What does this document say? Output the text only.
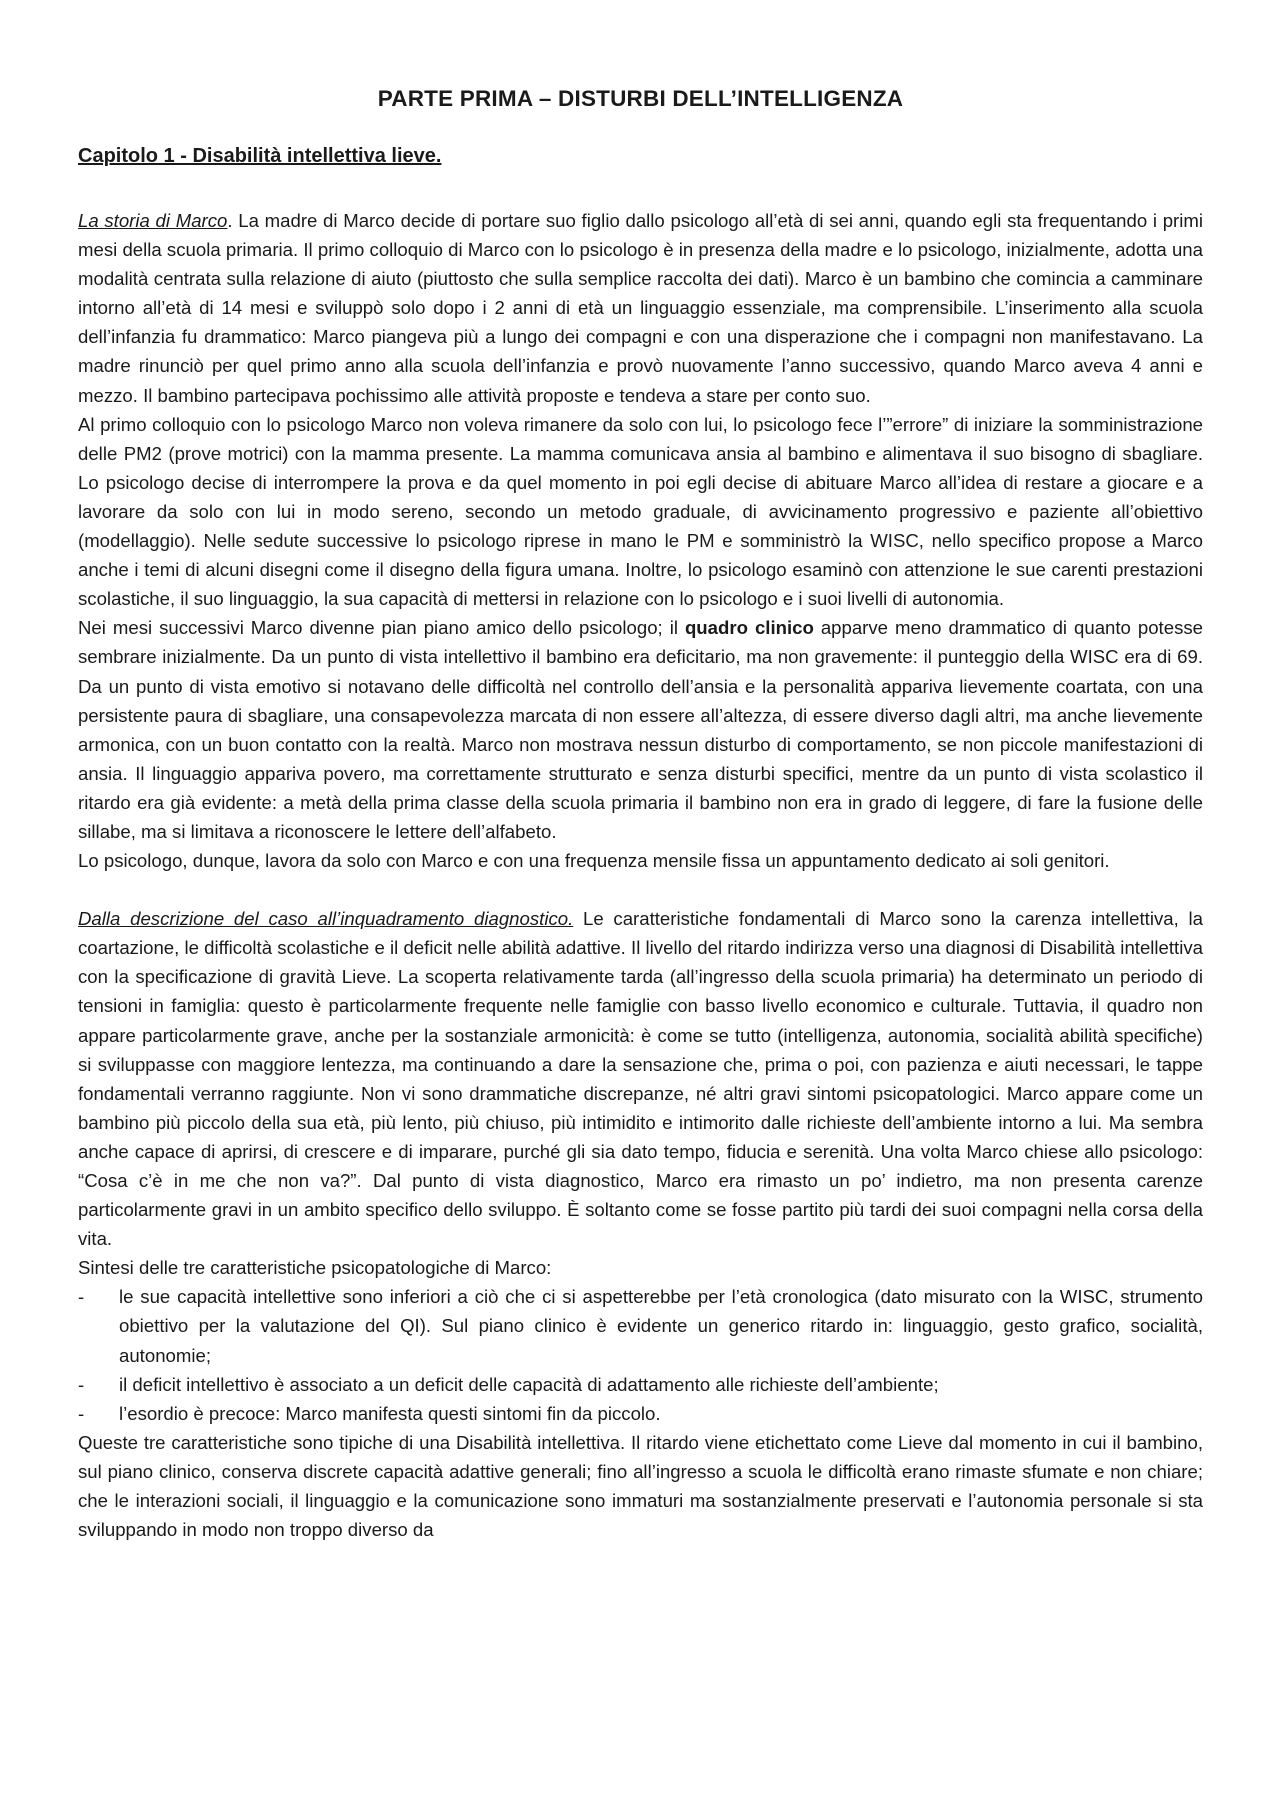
PARTE PRIMA – DISTURBI DELL’INTELLIGENZA
Capitolo 1 - Disabilità intellettiva lieve.

La storia di Marco. La madre di Marco decide di portare suo figlio dallo psicologo all’età di sei anni, quando egli sta frequentando i primi mesi della scuola primaria. Il primo colloquio di Marco con lo psicologo è in presenza della madre e lo psicologo, inizialmente, adotta una modalità centrata sulla relazione di aiuto (piuttosto che sulla semplice raccolta dei dati). Marco è un bambino che comincia a camminare intorno all’età di 14 mesi e sviluppò solo dopo i 2 anni di età un linguaggio essenziale, ma comprensibile. L’inserimento alla scuola dell’infanzia fu drammatico: Marco piangeva più a lungo dei compagni e con una disperazione che i compagni non manifestavano. La madre rinunciò per quel primo anno alla scuola dell’infanzia e provò nuovamente l’anno successivo, quando Marco aveva 4 anni e mezzo. Il bambino partecipava pochissimo alle attività proposte e tendeva a stare per conto suo.

Al primo colloquio con lo psicologo Marco non voleva rimanere da solo con lui, lo psicologo fece l’”errore” di iniziare la somministrazione delle PM2 (prove motrici) con la mamma presente. La mamma comunicava ansia al bambino e alimentava il suo bisogno di sbagliare. Lo psicologo decise di interrompere la prova e da quel momento in poi egli decise di abituare Marco all’idea di restare a giocare e a lavorare da solo con lui in modo sereno, secondo un metodo graduale, di avvicinamento progressivo e paziente all’obiettivo (modellaggio). Nelle sedute successive lo psicologo riprese in mano le PM e somministrò la WISC, nello specifico propose a Marco anche i temi di alcuni disegni come il disegno della figura umana. Inoltre, lo psicologo esaminò con attenzione le sue carenti prestazioni scolastiche, il suo linguaggio, la sua capacità di mettersi in relazione con lo psicologo e i suoi livelli di autonomia.

Nei mesi successivi Marco divenne pian piano amico dello psicologo; il quadro clinico apparve meno drammatico di quanto potesse sembrare inizialmente. Da un punto di vista intellettivo il bambino era deficitario, ma non gravemente: il punteggio della WISC era di 69. Da un punto di vista emotivo si notavano delle difficoltà nel controllo dell’ansia e la personalità appariva lievemente coartata, con una persistente paura di sbagliare, una consapevolezza marcata di non essere all’altezza, di essere diverso dagli altri, ma anche lievemente armonica, con un buon contatto con la realtà. Marco non mostrava nessun disturbo di comportamento, se non piccole manifestazioni di ansia. Il linguaggio appariva povero, ma correttamente strutturato e senza disturbi specifici, mentre da un punto di vista scolastico il ritardo era già evidente: a metà della prima classe della scuola primaria il bambino non era in grado di leggere, di fare la fusione delle sillabe, ma si limitava a riconoscere le lettere dell’alfabeto.

Lo psicologo, dunque, lavora da solo con Marco e con una frequenza mensile fissa un appuntamento dedicato ai soli genitori.

Dalla descrizione del caso all’inquadramento diagnostico. Le caratteristiche fondamentali di Marco sono la carenza intellettiva, la coartazione, le difficoltà scolastiche e il deficit nelle abilità adattive. Il livello del ritardo indirizza verso una diagnosi di Disabilità intellettiva con la specificazione di gravità Lieve. La scoperta relativamente tarda (all’ingresso della scuola primaria) ha determinato un periodo di tensioni in famiglia: questo è particolarmente frequente nelle famiglie con basso livello economico e culturale. Tuttavia, il quadro non appare particolarmente grave, anche per la sostanziale armonicità: è come se tutto (intelligenza, autonomia, socialità abilità specifiche) si sviluppasse con maggiore lentezza, ma continuando a dare la sensazione che, prima o poi, con pazienza e aiuti necessari, le tappe fondamentali verranno raggiunte. Non vi sono drammatiche discrepanze, né altri gravi sintomi psicopatologici. Marco appare come un bambino più piccolo della sua età, più lento, più chiuso, più intimidito e intimorito dalle richieste dell’ambiente intorno a lui. Ma sembra anche capace di aprirsi, di crescere e di imparare, purché gli sia dato tempo, fiducia e serenità. Una volta Marco chiese allo psicologo: “Cosa c’è in me che non va?”. Dal punto di vista diagnostico, Marco era rimasto un po’ indietro, ma non presenta carenze particolarmente gravi in un ambito specifico dello sviluppo. È soltanto come se fosse partito più tardi dei suoi compagni nella corsa della vita.

Sintesi delle tre caratteristiche psicopatologiche di Marco:

- le sue capacità intellettive sono inferiori a ciò che ci si aspetterebbe per l’età cronologica (dato misurato con la WISC, strumento obiettivo per la valutazione del QI). Sul piano clinico è evidente un generico ritardo in: linguaggio, gesto grafico, socialità, autonomie;
- il deficit intellettivo è associato a un deficit delle capacità di adattamento alle richieste dell’ambiente;
- l’esordio è precoce: Marco manifesta questi sintomi fin da piccolo.

Queste tre caratteristiche sono tipiche di una Disabilità intellettiva. Il ritardo viene etichettato come Lieve dal momento in cui il bambino, sul piano clinico, conserva discrete capacità adattive generali; fino all’ingresso a scuola le difficoltà erano rimaste sfumate e non chiare; che le interazioni sociali, il linguaggio e la comunicazione sono immaturi ma sostanzialmente preservati e l’autonomia personale si sta sviluppando in modo non troppo diverso da
